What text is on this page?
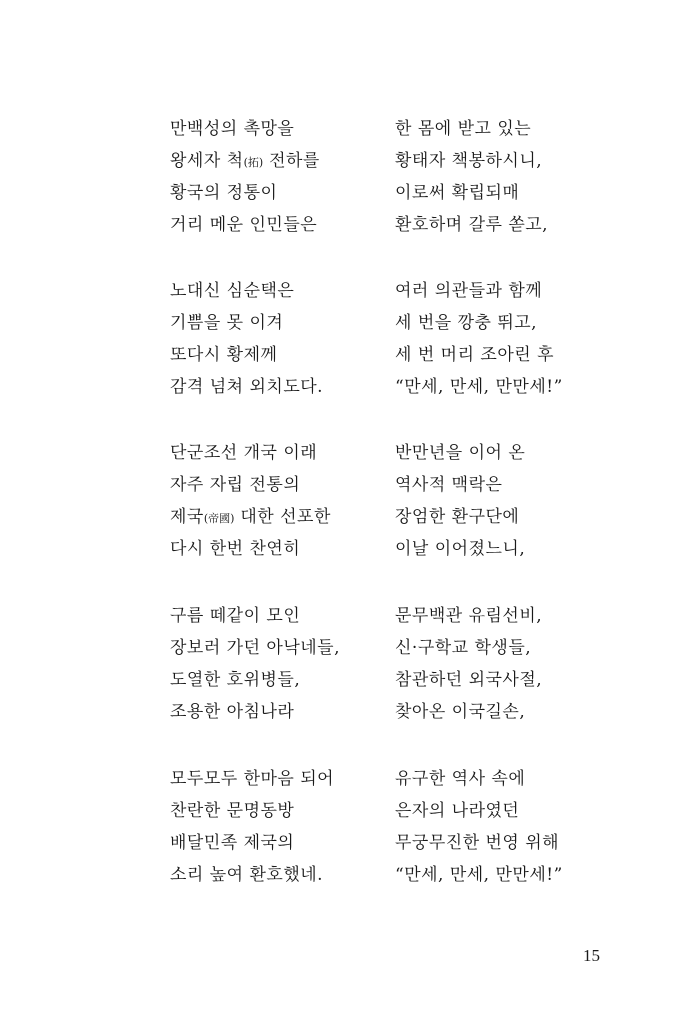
만백성의 촉망을	한 몸에 받고 있는
왕세자 척(拓) 전하를	황태자 책봉하시니,
황국의 정통이	이로써 확립되매
거리 메운 인민들은	환호하며 갈루 쏟고,
노대신 심순택은	여러 의관들과 함께
기쁨을 못 이겨	세 번을 깡충 뛰고,
또다시 황제께	세 번 머리 조아린 후
감격 넘쳐 외치도다.	“만세, 만세, 만만세!”
단군조선 개국 이래	반만년을 이어 온
자주 자립 전통의	역사적 맥락은
제국(帝國) 대한 선포한	장엄한 환구단에
다시 한번 찬연히	이날 이어졌느니,
구름 떼같이 모인	문무백관 유림선비,
장보러 가던 아낙네들,	신·구학교 학생들,
도열한 호위병들,	참관하던 외국사절,
조용한 아침나라	찾아온 이국길손,
모두모두 한마음 되어	유구한 역사 속에
찬란한 문명동방	은자의 나라였던
배달민족 제국의	무궁무진한 번영 위해
소리 높여 환호했네.	“만세, 만세, 만만세!”
15
